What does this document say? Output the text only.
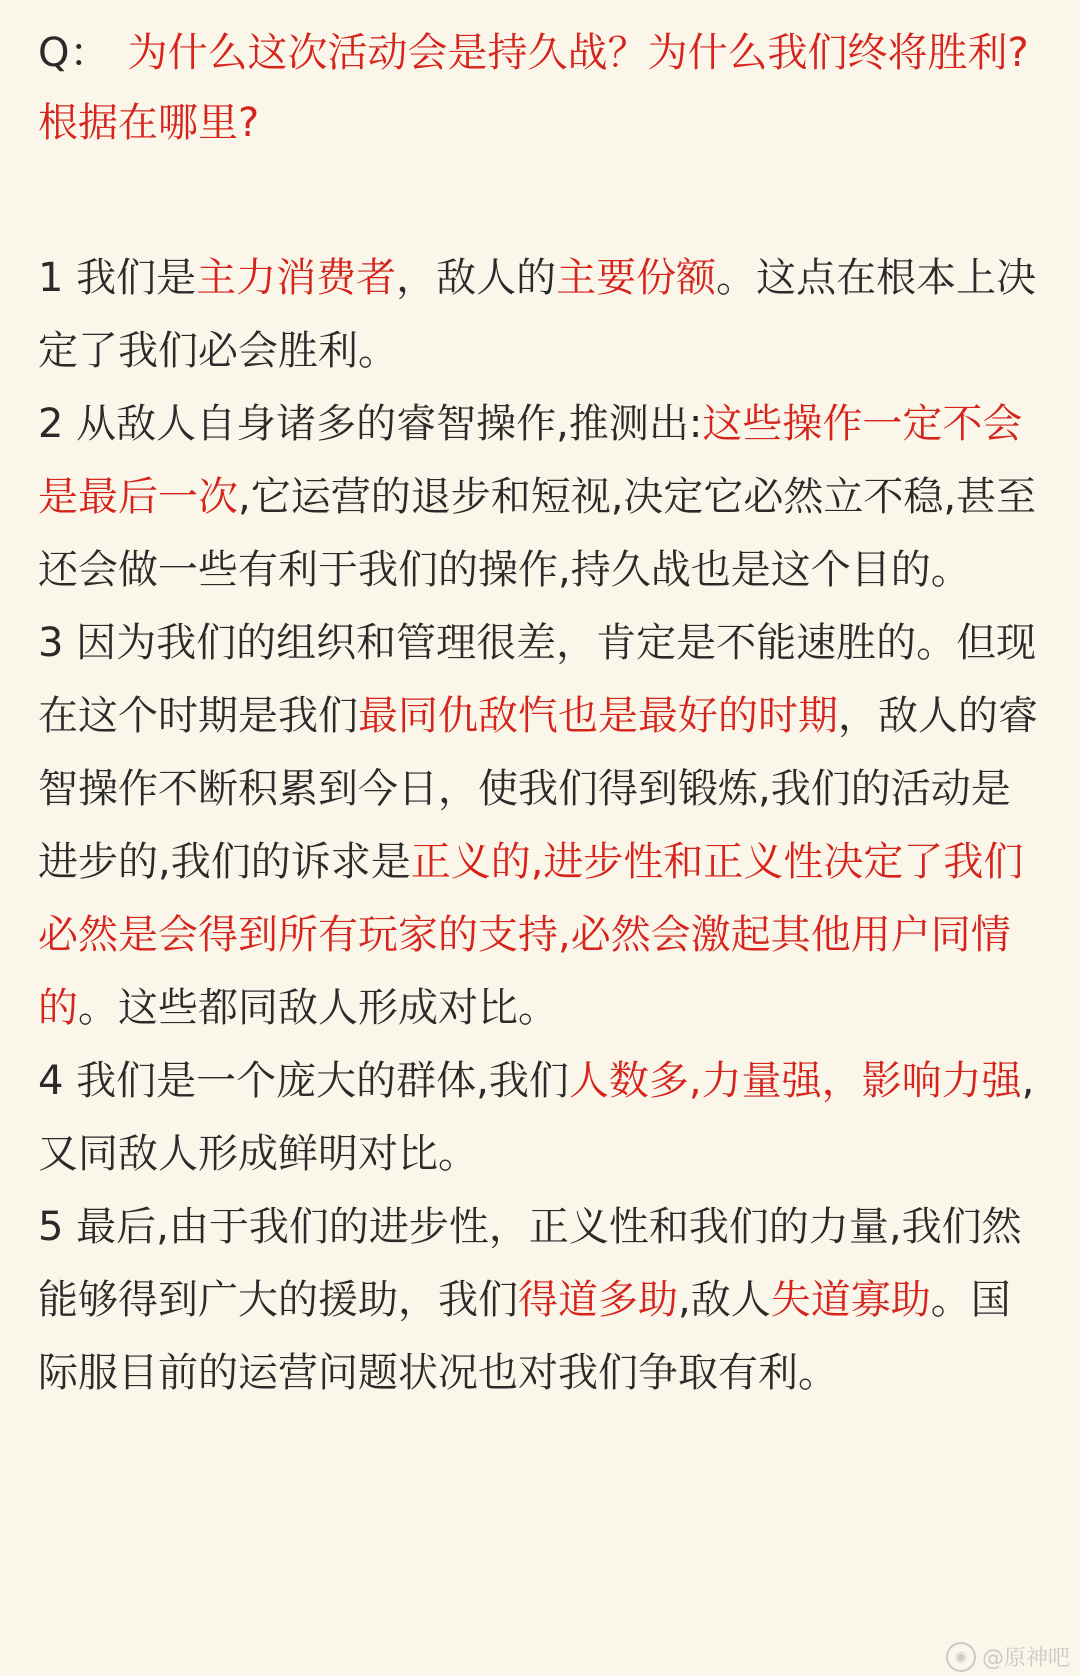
Q： 为什么这次活动会是持久战？为什么我们终将胜利?根据在哪里?

1 我们是主力消费者，敌人的主要份额。这点在根本上决定了我们必会胜利。

2 从敌人自身诸多的睿智操作,推测出:这些操作一定不会是最后一次,它运营的退步和短视,决定它必然立不稳,甚至还会做一些有利于我们的操作,持久战也是这个目的。

3 因为我们的组织和管理很差，肯定是不能速胜的。但现在这个时期是我们最同仇敌忾也是最好的时期，敌人的睿智操作不断积累到今日，使我们得到锻炼,我们的活动是进步的,我们的诉求是正义的,进步性和正义性决定了我们必然是会得到所有玩家的支持,必然会激起其他用户同情的。这些都同敌人形成对比。

4 我们是一个庞大的群体,我们人数多,力量强，影响力强,又同敌人形成鲜明对比。

5 最后,由于我们的进步性，正义性和我们的力量,我们然能够得到广大的援助，我们得道多助,敌人失道寡助。国际服目前的运营问题状况也对我们争取有利。

◉ @原神吧
